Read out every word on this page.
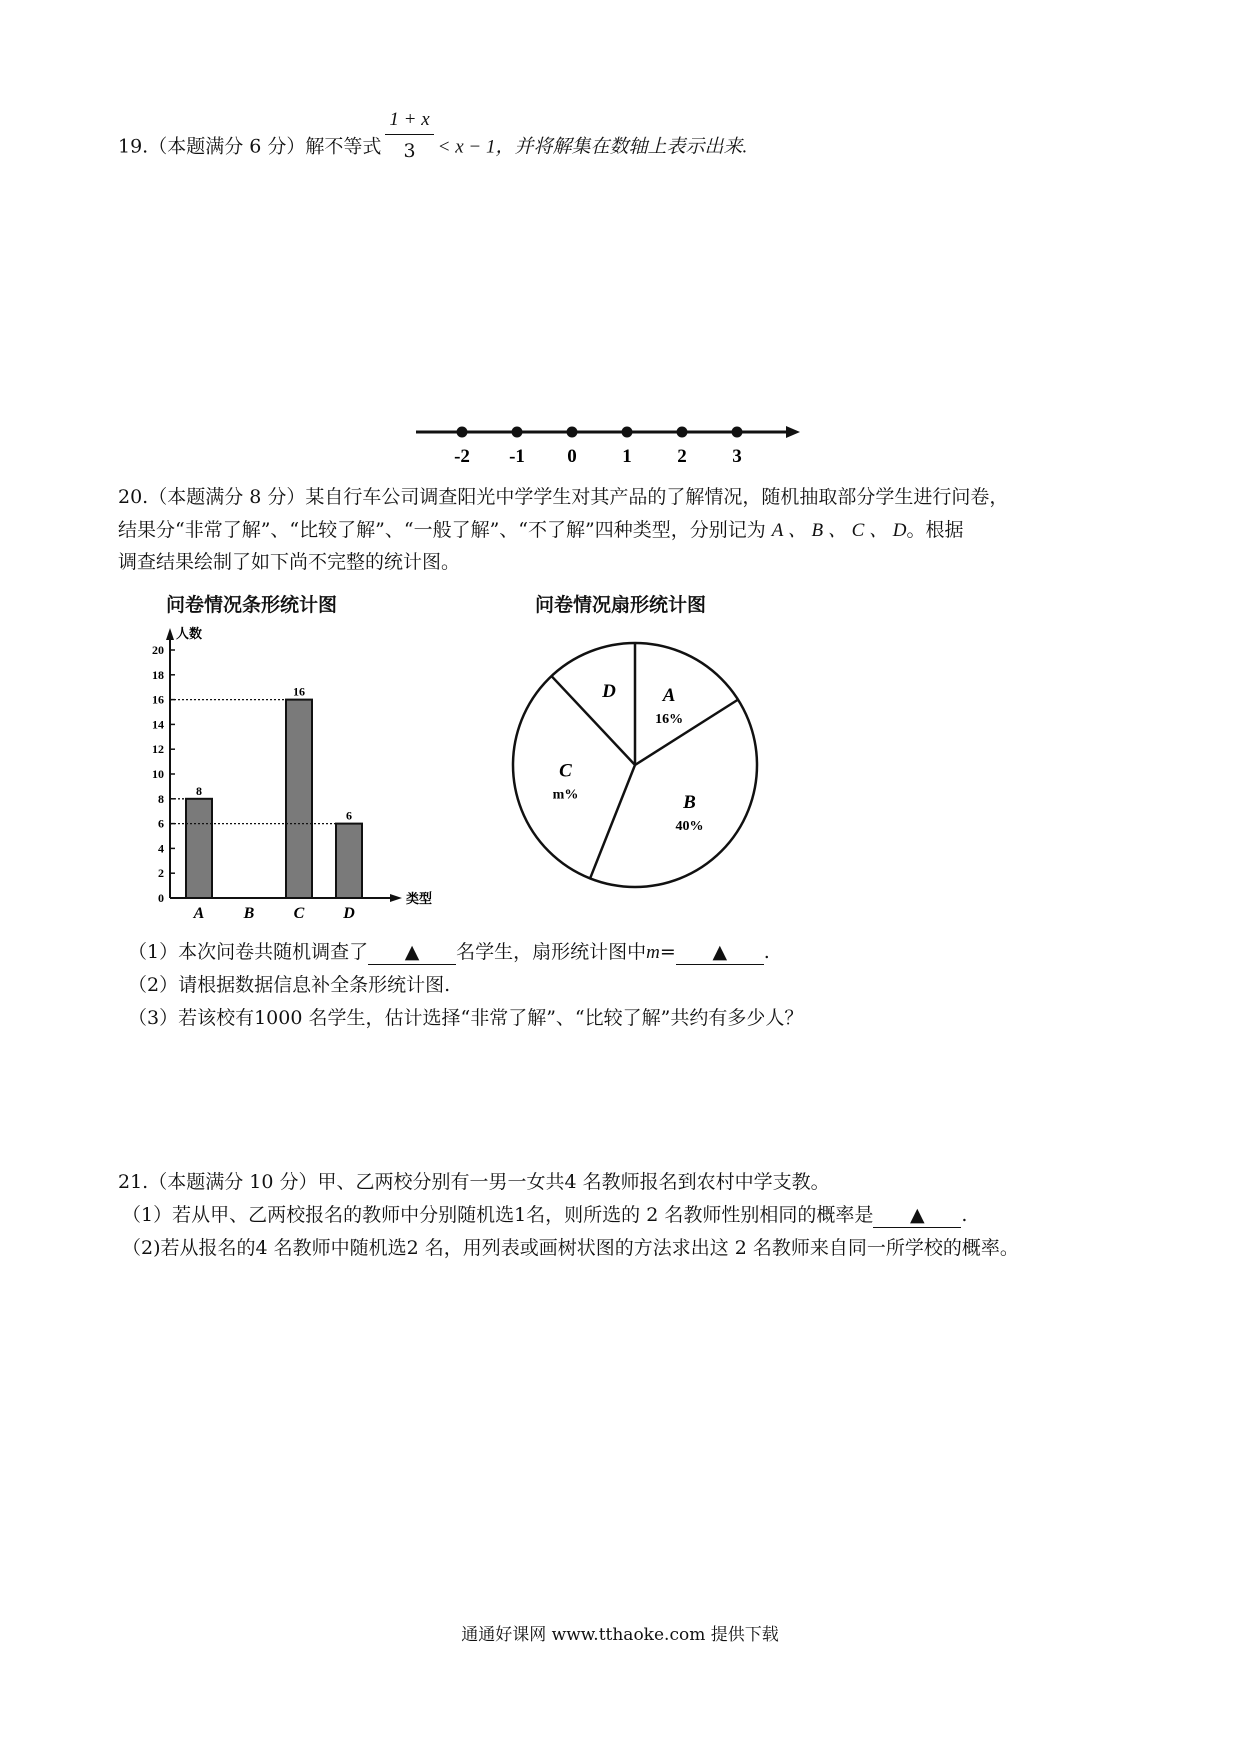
19.（本题满分 6 分）解不等式 $\frac{1 + x}{3} < x - 1$，并将解集在数轴上表示出来.
-2 -1 0 1 2 3
20.（本题满分 8 分）某自行车公司调查阳光中学学生对其产品的了解情况，随机抽取部分学生进行问卷，
结果分“非常了解”、“比较了解”、“一般了解”、“不了解”四种类型，分别记为 A 、 B 、 C 、 D。根据
调查结果绘制了如下尚不完整的统计图。
问卷情况条形统计图	问卷情况扇形统计图
人数
类型
0
2
4
6
8
10
12
14
16
18
20
A
8
B C
16
D
6
A
16%
B
40%
C
m%
D
（1）本次问卷共随机调查了 ▲ 名学生，扇形统计图中m= ▲ .
（2）请根据数据信息补全条形统计图.
（3）若该校有1000 名学生，估计选择“非常了解”、“比较了解”共约有多少人？
21.（本题满分 10 分）甲、乙两校分别有一男一女共4 名教师报名到农村中学支教。
（1）若从甲、乙两校报名的教师中分别随机选1名，则所选的 2 名教师性别相同的概率是 ▲ .
（2)若从报名的4 名教师中随机选2 名，用列表或画树状图的方法求出这 2 名教师来自同一所学校的概率。
通通好课网 www.tthaoke.com 提供下载
